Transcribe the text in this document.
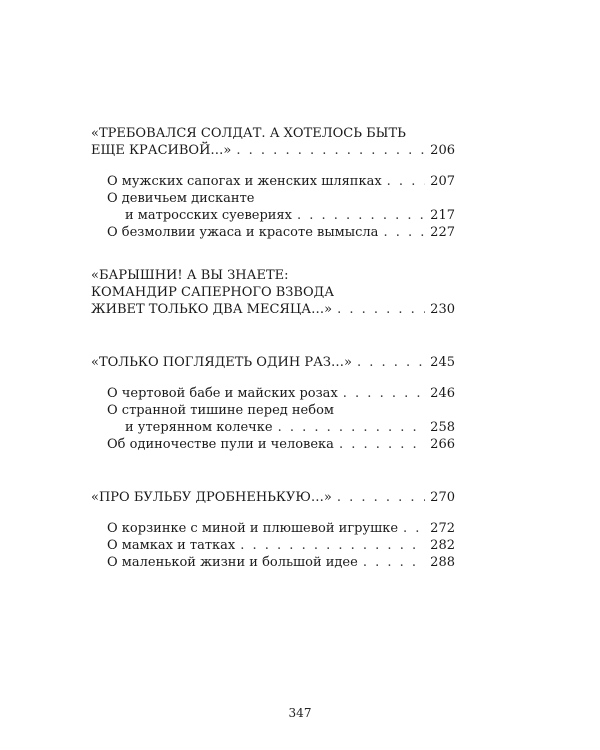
«ТРЕБОВАЛСЯ СОЛДАТ. А ХОТЕЛОСЬ БЫТЬ
ЕЩЕ КРАСИВОЙ…» . . .	206
О мужских сапогах и женских шляпках . . .	207
О девичьем дисканте
и матросских суевериях . . .	217
О безмолвии ужаса и красоте вымысла . . .	227
«БАРЫШНИ! А ВЫ ЗНАЕТЕ:
КОМАНДИР САПЕРНОГО ВЗВОДА
ЖИВЕТ ТОЛЬКО ДВА МЕСЯЦА…» . . .	230
«ТОЛЬКО ПОГЛЯДЕТЬ ОДИН РАЗ…» . . .	245
О чертовой бабе и майских розах . . .	246
О странной тишине перед небом
и утерянном колечке . . .	258
Об одиночестве пули и человека . . .	266
«ПРО БУЛЬБУ ДРОБНЕНЬКУЮ…» . . .	270
О корзинке с миной и плюшевой игрушке . . . 272
О мамках и татках . . .	282
О маленькой жизни и большой идее . . .	288
347
